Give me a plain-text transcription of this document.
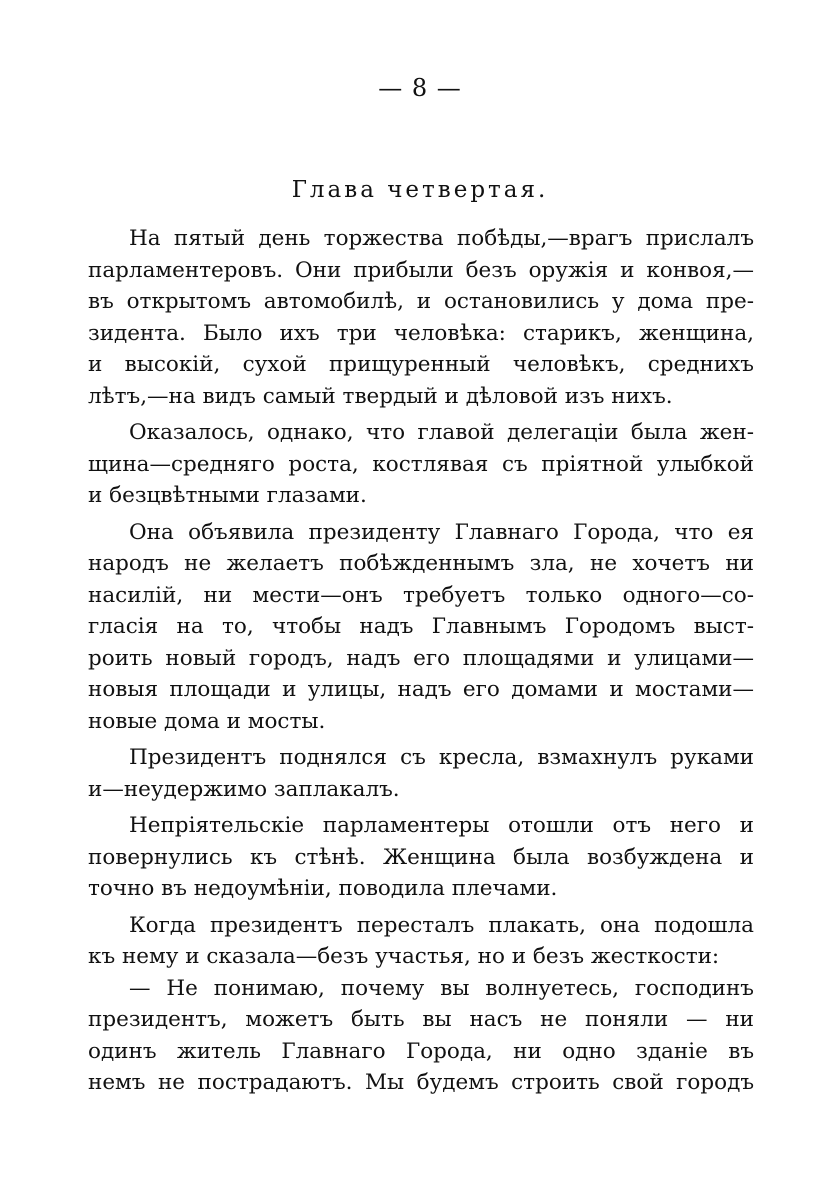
— 8 —
Глава четвертая.
На пятый день торжества побѣды,—врагъ прислалъ
парламентеровъ. Они прибыли безъ оружія и конвоя,—
въ открытомъ автомобилѣ, и остановились у дома пре-
зидента. Было ихъ три человѣка: старикъ, женщина,
и высокій, сухой прищуренный человѣкъ, среднихъ
лѣтъ,—на видъ самый твердый и дѣловой изъ нихъ.
Оказалось, однако, что главой делегаціи была жен-
щина—средняго роста, костлявая съ пріятной улыбкой
и безцвѣтными глазами.
Она объявила президенту Главнаго Города, что ея
народъ не желаетъ побѣжденнымъ зла, не хочетъ ни
насилій, ни мести—онъ требуетъ только одного—со-
гласія на то, чтобы надъ Главнымъ Городомъ выст-
роить новый городъ, надъ его площадями и улицами—
новыя площади и улицы, надъ его домами и мостами—
новые дома и мосты.
Президентъ поднялся съ кресла, взмахнулъ руками
и—неудержимо заплакалъ.
Непріятельскіе парламентеры отошли отъ него и
повернулись къ стѣнѣ. Женщина была возбуждена и
точно въ недоумѣніи, поводила плечами.
Когда президентъ пересталъ плакать, она подошла
къ нему и сказала—безъ участья, но и безъ жесткости:
— Не понимаю, почему вы волнуетесь, господинъ
президентъ, можетъ быть вы насъ не поняли — ни
одинъ житель Главнаго Города, ни одно зданіе въ
немъ не пострадаютъ. Мы будемъ строить свой городъ
